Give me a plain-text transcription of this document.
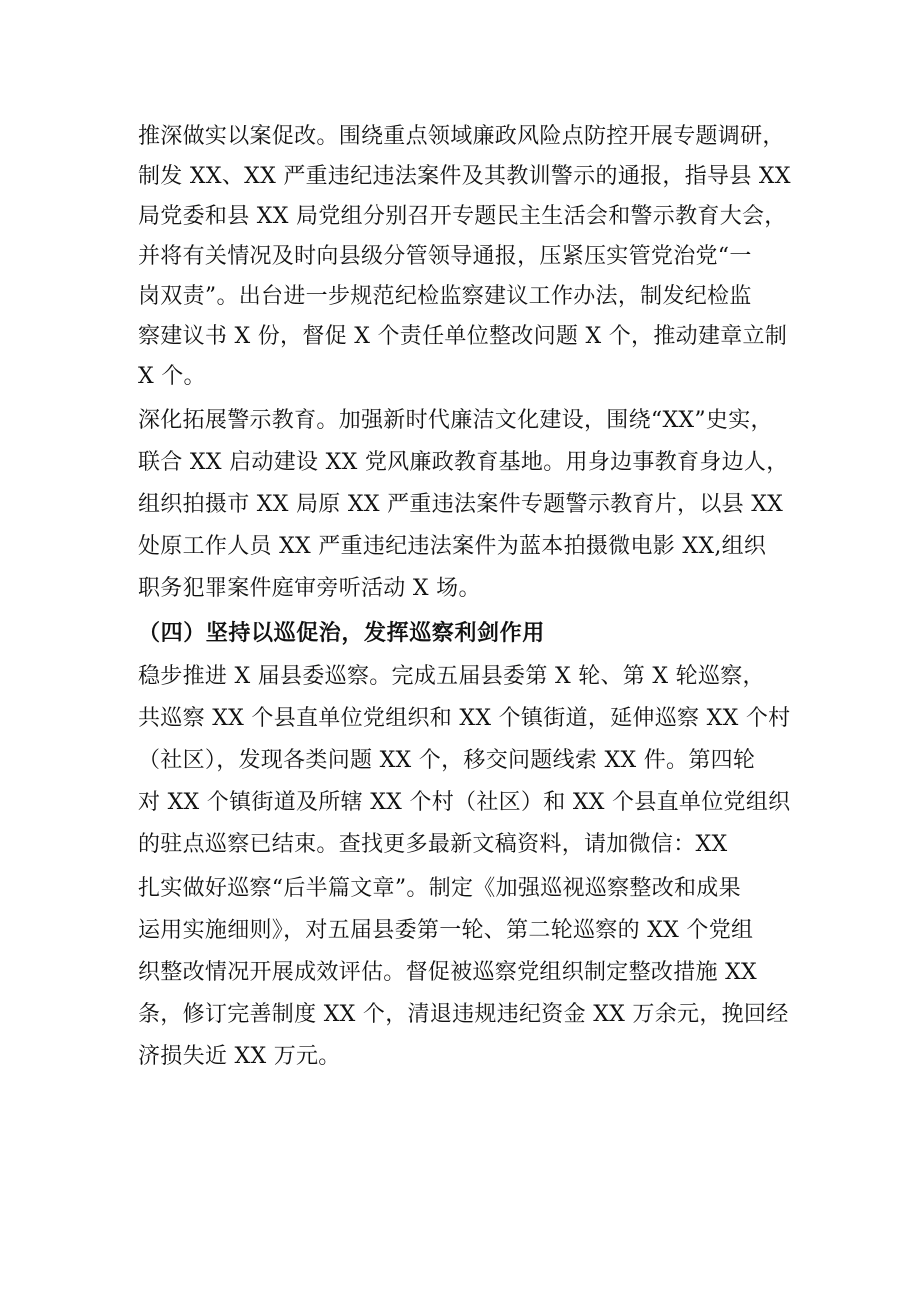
推深做实以案促改。围绕重点领域廉政风险点防控开展专题调研，
制发 XX、XX 严重违纪违法案件及其教训警示的通报，指导县 XX
局党委和县 XX 局党组分别召开专题民主生活会和警示教育大会，
并将有关情况及时向县级分管领导通报，压紧压实管党治党“一
岗双责”。出台进一步规范纪检监察建议工作办法，制发纪检监
察建议书 X 份，督促 X 个责任单位整改问题 X 个，推动建章立制
X 个。
深化拓展警示教育。加强新时代廉洁文化建设，围绕“XX”史实，
联合 XX 启动建设 XX 党风廉政教育基地。用身边事教育身边人，
组织拍摄市 XX 局原 XX 严重违法案件专题警示教育片，以县 XX
处原工作人员 XX 严重违纪违法案件为蓝本拍摄微电影 XX,组织
职务犯罪案件庭审旁听活动 X 场。
（四）坚持以巡促治，发挥巡察利剑作用
稳步推进 X 届县委巡察。完成五届县委第 X 轮、第 X 轮巡察，
共巡察 XX 个县直单位党组织和 XX 个镇街道，延伸巡察 XX 个村
（社区），发现各类问题 XX 个，移交问题线索 XX 件。第四轮
对 XX 个镇街道及所辖 XX 个村（社区）和 XX 个县直单位党组织
的驻点巡察已结束。查找更多最新文稿资料，请加微信：XX
扎实做好巡察“后半篇文章”。制定《加强巡视巡察整改和成果
运用实施细则》，对五届县委第一轮、第二轮巡察的 XX 个党组
织整改情况开展成效评估。督促被巡察党组织制定整改措施 XX
条，修订完善制度 XX 个，清退违规违纪资金 XX 万余元，挽回经
济损失近 XX 万元。
